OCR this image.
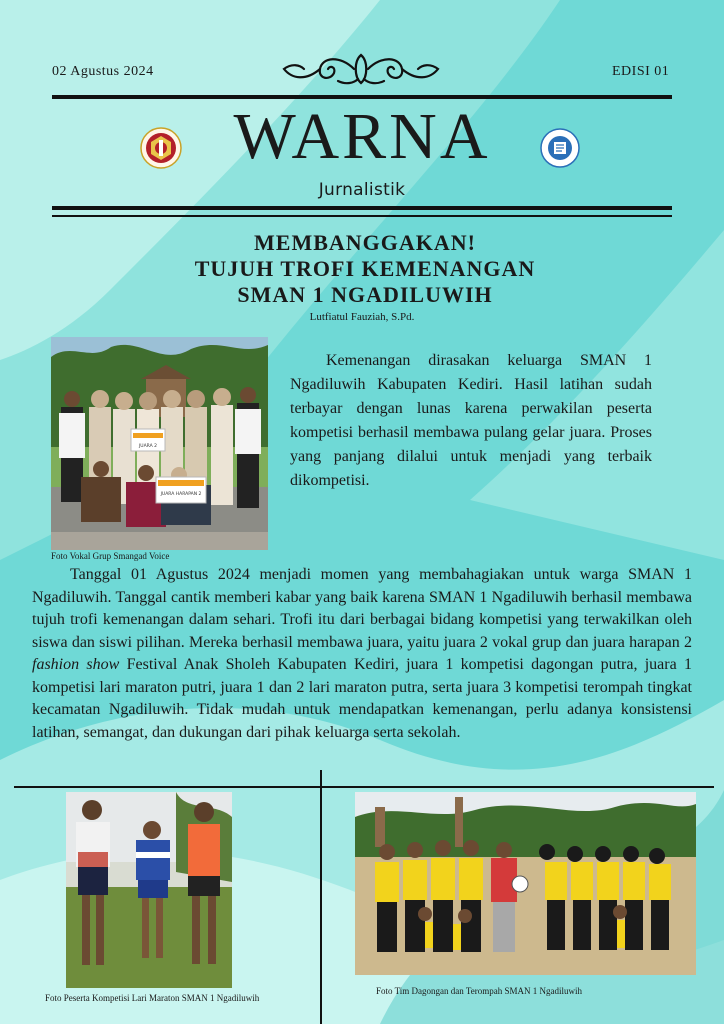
02 Agustus 2024	EDISI 01
WARNA
Jurnalistik
MEMBANGGAKAN!
TUJUH TROFI KEMENANGAN
SMAN 1 NGADILUWIH
Lutfiatul Fauziah, S.Pd.
JUARA 2
JUARA HARAPAN 2
Foto Vokal Grup Smangad Voice
Kemenangan dirasakan keluarga SMAN 1 Ngadiluwih Kabupaten Kediri. Hasil latihan sudah terbayar dengan lunas karena perwakilan peserta kompetisi berhasil membawa pulang gelar juara. Proses yang panjang dilalui untuk menjadi yang terbaik dikompetisi.
Tanggal 01 Agustus 2024 menjadi momen yang membahagiakan untuk warga SMAN 1 Ngadiluwih. Tanggal cantik memberi kabar yang baik karena SMAN 1 Ngadiluwih berhasil membawa tujuh trofi kemenangan dalam sehari. Trofi itu dari berbagai bidang kompetisi yang terwakilkan oleh siswa dan siswi pilihan. Mereka berhasil membawa juara, yaitu juara 2 vokal grup dan juara harapan 2 fashion show Festival Anak Sholeh Kabupaten Kediri, juara 1 kompetisi dagongan putra, juara 1 kompetisi lari maraton putri, juara 1 dan 2 lari maraton putra, serta juara 3 kompetisi terompah tingkat kecamatan Ngadiluwih. Tidak mudah untuk mendapatkan kemenangan, perlu adanya konsistensi latihan, semangat, dan dukungan dari pihak keluarga serta sekolah.
Foto Peserta Kompetisi Lari Maraton SMAN 1 Ngadiluwih
Foto Tim Dagongan dan Terompah SMAN 1 Ngadiluwih
